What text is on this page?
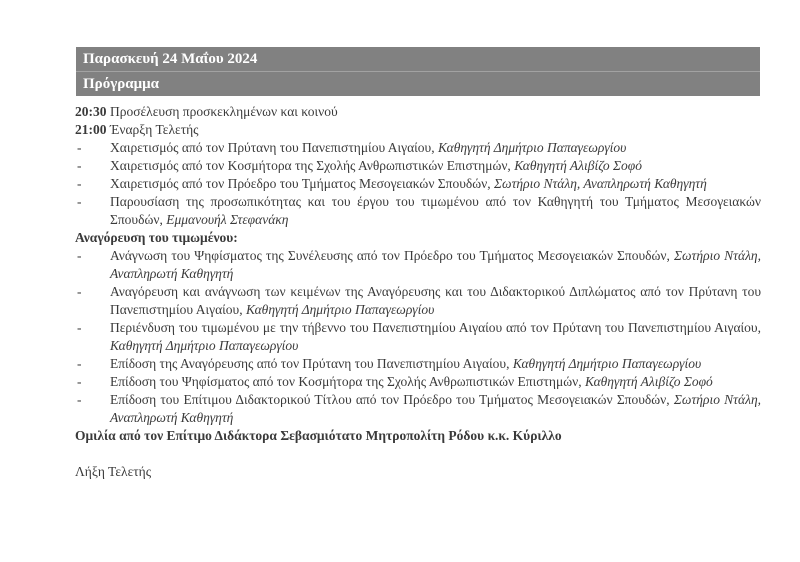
Παρασκευή 24 Μαΐου 2024
Πρόγραμμα
20:30 Προσέλευση προσκεκλημένων και κοινού
21:00 Έναρξη Τελετής
- Χαιρετισμός από τον Πρύτανη του Πανεπιστημίου Αιγαίου, Καθηγητή Δημήτριο Παπαγεωργίου
- Χαιρετισμός από τον Κοσμήτορα της Σχολής Ανθρωπιστικών Επιστημών, Καθηγητή Αλιβίζο Σοφό
- Χαιρετισμός από τον Πρόεδρο του Τμήματος Μεσογειακών Σπουδών, Σωτήριο Ντάλη, Αναπληρωτή Καθηγητή
- Παρουσίαση της προσωπικότητας και του έργου του τιμωμένου από τον Καθηγητή του Τμήματος Μεσογειακών Σπουδών, Εμμανουήλ Στεφανάκη
Αναγόρευση του τιμωμένου:
- Ανάγνωση του Ψηφίσματος της Συνέλευσης από τον Πρόεδρο του Τμήματος Μεσογειακών Σπουδών, Σωτήριο Ντάλη, Αναπληρωτή Καθηγητή
- Αναγόρευση και ανάγνωση των κειμένων της Αναγόρευσης και του Διδακτορικού Διπλώματος από τον Πρύτανη του Πανεπιστημίου Αιγαίου, Καθηγητή Δημήτριο Παπαγεωργίου
- Περιένδυση του τιμωμένου με την τήβεννο του Πανεπιστημίου Αιγαίου από τον Πρύτανη του Πανεπιστημίου Αιγαίου, Καθηγητή Δημήτριο Παπαγεωργίου
- Επίδοση της Αναγόρευσης από τον Πρύτανη του Πανεπιστημίου Αιγαίου, Καθηγητή Δημήτριο Παπαγεωργίου
- Επίδοση του Ψηφίσματος από τον Κοσμήτορα της Σχολής Ανθρωπιστικών Επιστημών, Καθηγητή Αλιβίζο Σοφό
- Επίδοση του Επίτιμου Διδακτορικού Τίτλου από τον Πρόεδρο του Τμήματος Μεσογειακών Σπουδών, Σωτήριο Ντάλη, Αναπληρωτή Καθηγητή
Ομιλία από τον Επίτιμο Διδάκτορα Σεβασμιότατο Μητροπολίτη Ρόδου κ.κ. Κύριλλο
Λήξη Τελετής
